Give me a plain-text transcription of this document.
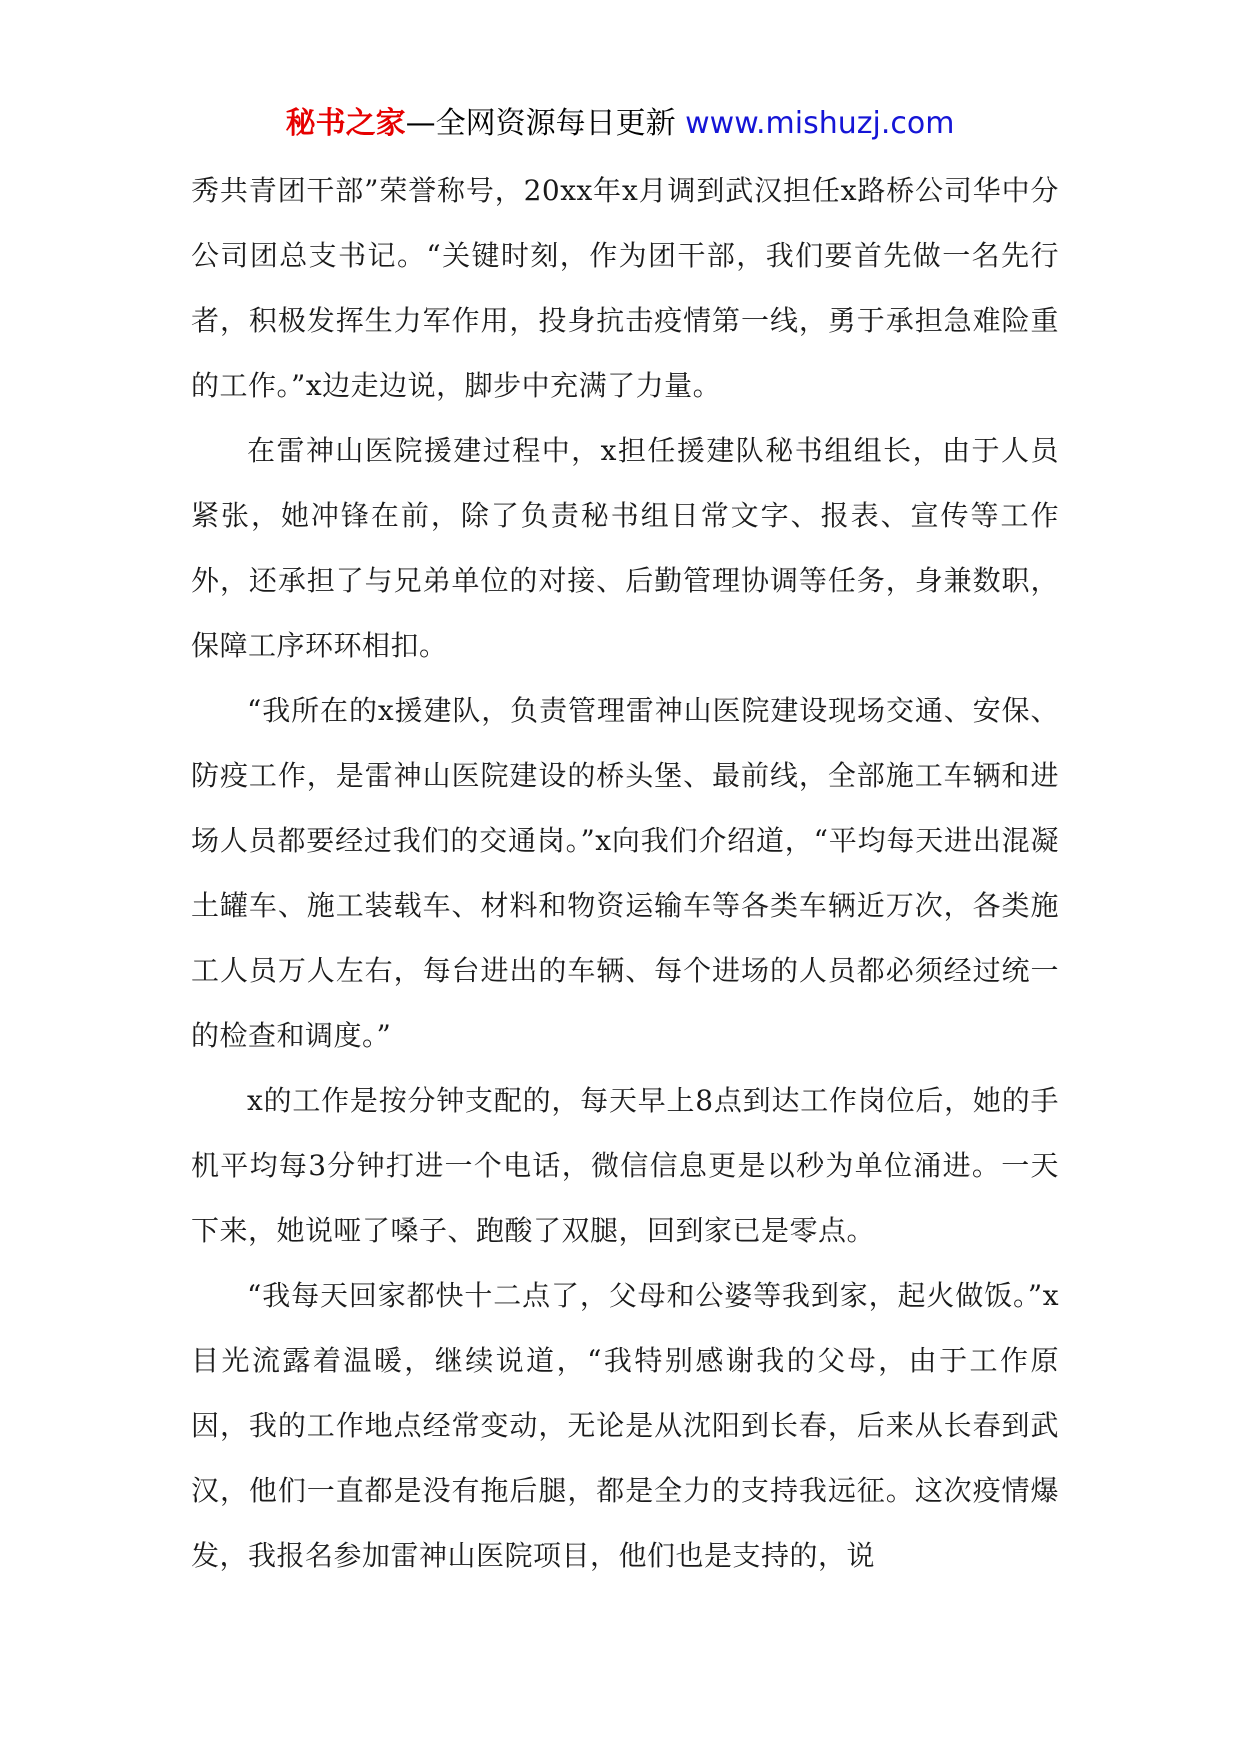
秘书之家—全网资源每日更新 www.mishuzj.com

秀共青团干部”荣誉称号，20xx年x月调到武汉担任x路桥公司华中分公司团总支书记。“关键时刻，作为团干部，我们要首先做一名先行者，积极发挥生力军作用，投身抗击疫情第一线，勇于承担急难险重的工作。”x边走边说，脚步中充满了力量。

在雷神山医院援建过程中，x担任援建队秘书组组长，由于人员紧张，她冲锋在前，除了负责秘书组日常文字、报表、宣传等工作外，还承担了与兄弟单位的对接、后勤管理协调等任务，身兼数职，保障工序环环相扣。

“我所在的x援建队，负责管理雷神山医院建设现场交通、安保、防疫工作，是雷神山医院建设的桥头堡、最前线，全部施工车辆和进场人员都要经过我们的交通岗。”x向我们介绍道，“平均每天进出混凝土罐车、施工装载车、材料和物资运输车等各类车辆近万次，各类施工人员万人左右，每台进出的车辆、每个进场的人员都必须经过统一的检查和调度。”

x的工作是按分钟支配的，每天早上8点到达工作岗位后，她的手机平均每3分钟打进一个电话，微信信息更是以秒为单位涌进。一天下来，她说哑了嗓子、跑酸了双腿，回到家已是零点。

“我每天回家都快十二点了，父母和公婆等我到家，起火做饭。”x目光流露着温暖，继续说道，“我特别感谢我的父母，由于工作原因，我的工作地点经常变动，无论是从沈阳到长春，后来从长春到武汉，他们一直都是没有拖后腿，都是全力的支持我远征。这次疫情爆发，我报名参加雷神山医院项目，他们也是支持的，说
